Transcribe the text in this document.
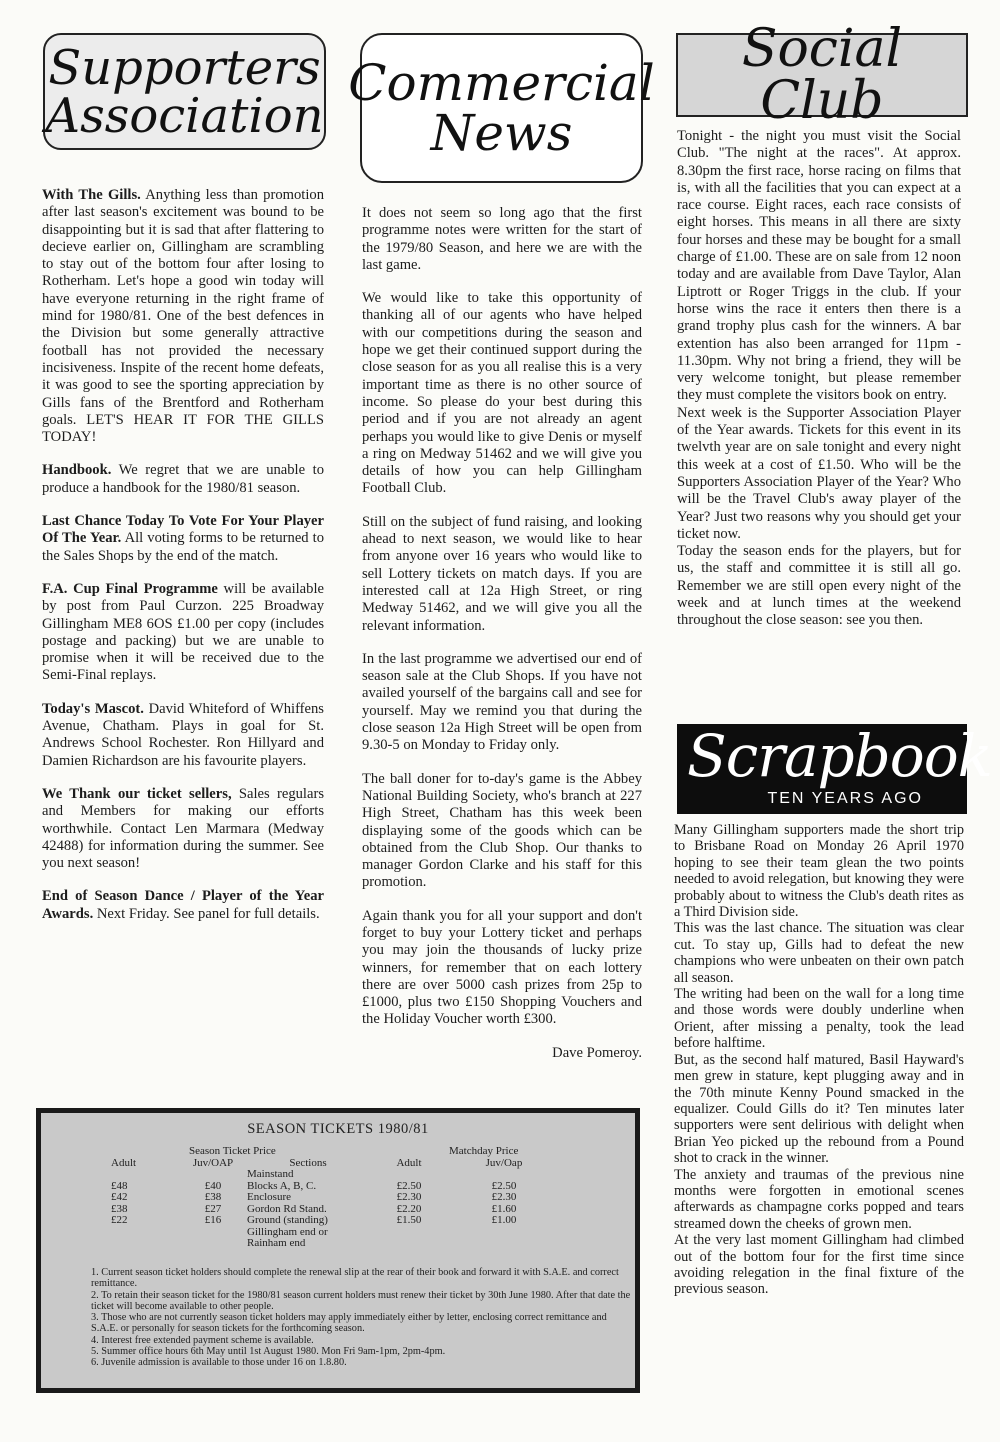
Supporters
Association
Commercial
News
Social Club

With The Gills. Anything less than promotion after last season's excitement was bound to be disappointing but it is sad that after flattering to decieve earlier on, Gillingham are scrambling to stay out of the bottom four after losing to Rotherham. Let's hope a good win today will have everyone returning in the right frame of mind for 1980/81. One of the best defences in the Division but some generally attractive football has not provided the necessary incisiveness. Inspite of the recent home defeats, it was good to see the sporting appreciation by Gills fans of the Brentford and Rotherham goals. LET'S HEAR IT FOR THE GILLS TODAY!

Handbook. We regret that we are unable to produce a handbook for the 1980/81 season.

Last Chance Today To Vote For Your Player Of The Year. All voting forms to be returned to the Sales Shops by the end of the match.

F.A. Cup Final Programme will be available by post from Paul Curzon. 225 Broadway Gillingham ME8 6OS £1.00 per copy (includes postage and packing) but we are unable to promise when it will be received due to the Semi-Final replays.

Today's Mascot. David Whiteford of Whiffens Avenue, Chatham. Plays in goal for St. Andrews School Rochester. Ron Hillyard and Damien Richardson are his favourite players.

We Thank our ticket sellers, Sales regulars and Members for making our efforts worthwhile. Contact Len Marmara (Medway 42488) for information during the summer. See you next season!

End of Season Dance / Player of the Year Awards. Next Friday. See panel for full details.

It does not seem so long ago that the first programme notes were written for the start of the 1979/80 Season, and here we are with the last game.

We would like to take this opportunity of thanking all of our agents who have helped with our competitions during the season and hope we get their continued support during the close season for as you all realise this is a very important time as there is no other source of income. So please do your best during this period and if you are not already an agent perhaps you would like to give Denis or myself a ring on Medway 51462 and we will give you details of how you can help Gillingham Football Club.

Still on the subject of fund raising, and looking ahead to next season, we would like to hear from anyone over 16 years who would like to sell Lottery tickets on match days. If you are interested call at 12a High Street, or ring Medway 51462, and we will give you all the relevant information.

In the last programme we advertised our end of season sale at the Club Shops. If you have not availed yourself of the bargains call and see for yourself. May we remind you that during the close season 12a High Street will be open from 9.30-5 on Monday to Friday only.

The ball doner for to-day's game is the Abbey National Building Society, who's branch at 227 High Street, Chatham has this week been displaying some of the goods which can be obtained from the Club Shop. Our thanks to manager Gordon Clarke and his staff for this promotion.

Again thank you for all your support and don't forget to buy your Lottery ticket and perhaps you may join the thousands of lucky prize winners, for remember that on each lottery there are over 5000 cash prizes from 25p to £1000, plus two £150 Shopping Vouchers and the Holiday Voucher worth £300.

Dave Pomeroy.

Tonight - the night you must visit the Social Club. "The night at the races". At approx. 8.30pm the first race, horse racing on films that is, with all the facilities that you can expect at a race course. Eight races, each race consists of eight horses. This means in all there are sixty four horses and these may be bought for a small charge of £1.00. These are on sale from 12 noon today and are available from Dave Taylor, Alan Liptrott or Roger Triggs in the club. If your horse wins the race it enters then there is a grand trophy plus cash for the winners. A bar extention has also been arranged for 11pm - 11.30pm. Why not bring a friend, they will be very welcome tonight, but please remember they must complete the visitors book on entry.

Next week is the Supporter Association Player of the Year awards. Tickets for this event in its twelvth year are on sale tonight and every night this week at a cost of £1.50. Who will be the Supporters Association Player of the Year? Who will be the Travel Club's away player of the Year? Just two reasons why you should get your ticket now.

Today the season ends for the players, but for us, the staff and committee it is still all go. Remember we are still open every night of the week and at lunch times at the weekend throughout the close season: see you then.

Scrapbook
TEN YEARS AGO

Many Gillingham supporters made the short trip to Brisbane Road on Monday 26 April 1970 hoping to see their team glean the two points needed to avoid relegation, but knowing they were probably about to witness the Club's death rites as a Third Division side.

This was the last chance. The situation was clear cut. To stay up, Gills had to defeat the new champions who were unbeaten on their own patch all season.

The writing had been on the wall for a long time and those words were doubly underline when Orient, after missing a penalty, took the lead before halftime.

But, as the second half matured, Basil Hayward's men grew in stature, kept plugging away and in the 70th minute Kenny Pound smacked in the equalizer. Could Gills do it? Ten minutes later supporters were sent delirious with delight when Brian Yeo picked up the rebound from a Pound shot to crack in the winner.

The anxiety and traumas of the previous nine months were forgotten in emotional scenes afterwards as champagne corks popped and tears streamed down the cheeks of grown men.

At the very last moment Gillingham had climbed out of the bottom four for the first time since avoiding relegation in the final fixture of the previous season.

SEASON TICKETS 1980/81
Season Ticket Price	Matchday Price
Adult	Juv/OAP	Sections	Adult	Juv/Oap
Mainstand
£48	£40	Blocks A, B, C.	£2.50	£2.50
£42	£38	Enclosure	£2.30	£2.30
£38	£27	Gordon Rd Stand.	£2.20	£1.60
£22	£16	Ground (standing)	£1.50	£1.00
Gillingham end or
Rainham end
1. Current season ticket holders should complete the renewal slip at the rear of their book and forward it with S.A.E. and correct remittance.
2. To retain their season ticket for the 1980/81 season current holders must renew their ticket by 30th June 1980. After that date the ticket will become available to other people.
3. Those who are not currently season ticket holders may apply immediately either by letter, enclosing correct remittance and S.A.E. or personally for season tickets for the forthcoming season.
4. Interest free extended payment scheme is available.
5. Summer office hours 6th May until 1st August 1980. Mon Fri 9am-1pm, 2pm-4pm.
6. Juvenile admission is available to those under 16 on 1.8.80.
